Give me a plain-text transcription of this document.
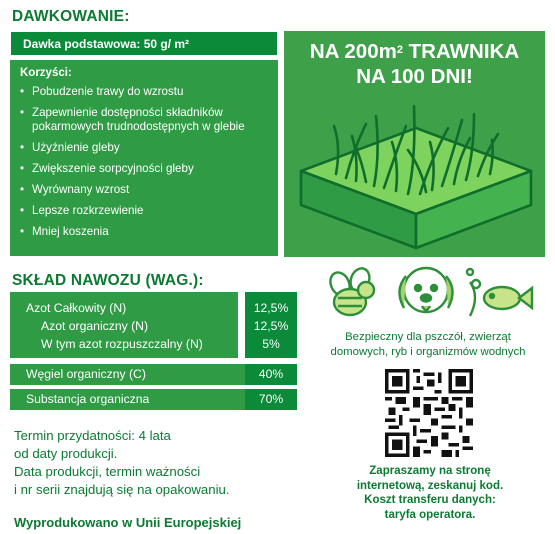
DAWKOWANIE:
Dawka podstawowa: 50 g/ m²
Korzyści:
• Pobudzenie trawy do wzrostu
• Zapewnienie dostępności składników pokarmowych trudnodostępnych w glebie
• Użyźnienie gleby
• Zwiększenie sorpcyjności gleby
• Wyrównany wzrost
• Lepsze rozkrzewienie
• Mniej koszenia
NA $200m^2$ TRAWNIKA
NA 100 DNI!
SKŁAD NAWOZU (WAG.):
Azot Całkowity (N)
Azot organiczny (N)
W tym azot rozpuszczalny (N)
12,5%
12,5%
5%
Węgiel organiczny (C)	40%
Substancja organiczna	70%
Termin przydatności: 4 lata
od daty produkcji.
Data produkcji, termin ważności
i nr serii znajdują się na opakowaniu.
Wyprodukowano w Unii Europejskiej
Bezpieczny dla pszczół, zwierząt
domowych, ryb i organizmów wodnych
Zapraszamy na stronę
internetową, zeskanuj kod.
Koszt transferu danych:
taryfa operatora.
